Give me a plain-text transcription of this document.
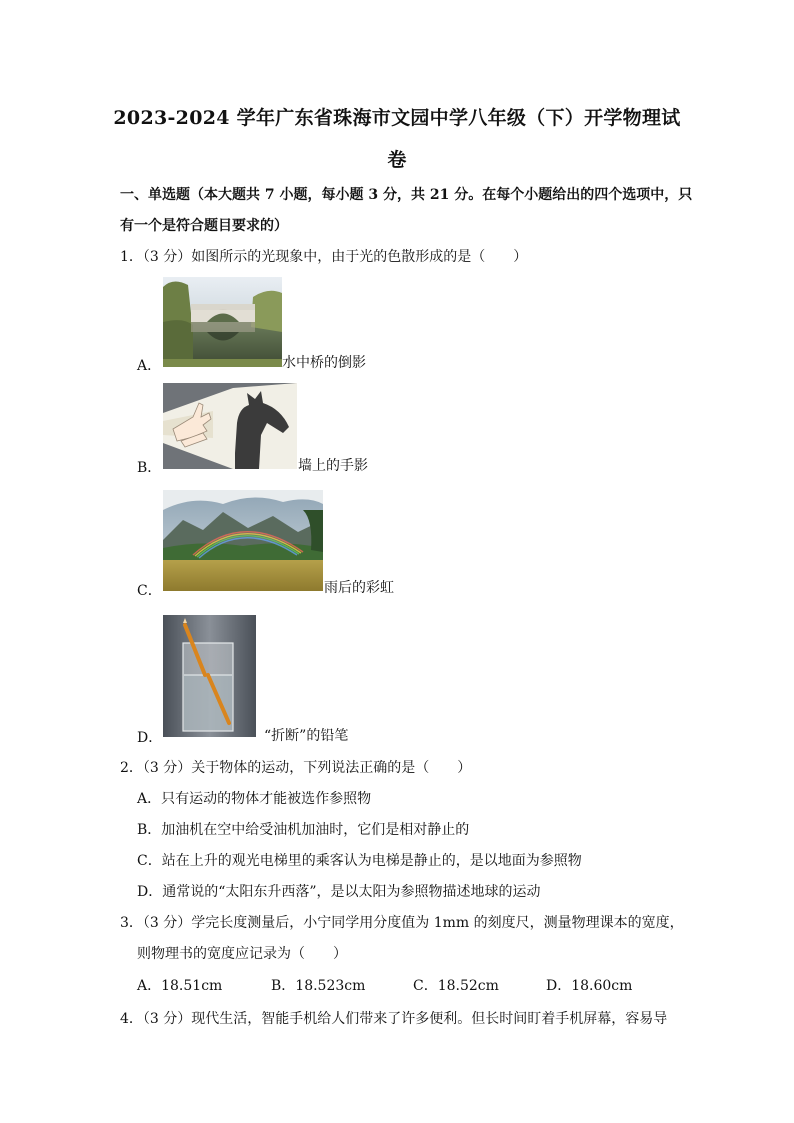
2023-2024 学年广东省珠海市文园中学八年级（下）开学物理试
卷
一、单选题（本大题共 7 小题，每小题 3 分，共 21 分。在每个小题给出的四个选项中，只
有一个是符合题目要求的）
1．（3 分）如图所示的光现象中，由于光的色散形成的是（　　）
A．	水中桥的倒影
B．	墙上的手影
C．	雨后的彩虹
D．	“折断”的铅笔
2．（3 分）关于物体的运动，下列说法正确的是（　　）
A．只有运动的物体才能被选作参照物
B．加油机在空中给受油机加油时，它们是相对静止的
C．站在上升的观光电梯里的乘客认为电梯是静止的，是以地面为参照物
D．通常说的“太阳东升西落”，是以太阳为参照物描述地球的运动
3．（3 分）学完长度测量后，小宁同学用分度值为 1mm 的刻度尺，测量物理课本的宽度，
则物理书的宽度应记录为（　　）
A．18.51cm	B．18.523cm	C．18.52cm	D．18.60cm
4．（3 分）现代生活，智能手机给人们带来了许多便利。但长时间盯着手机屏幕，容易导
